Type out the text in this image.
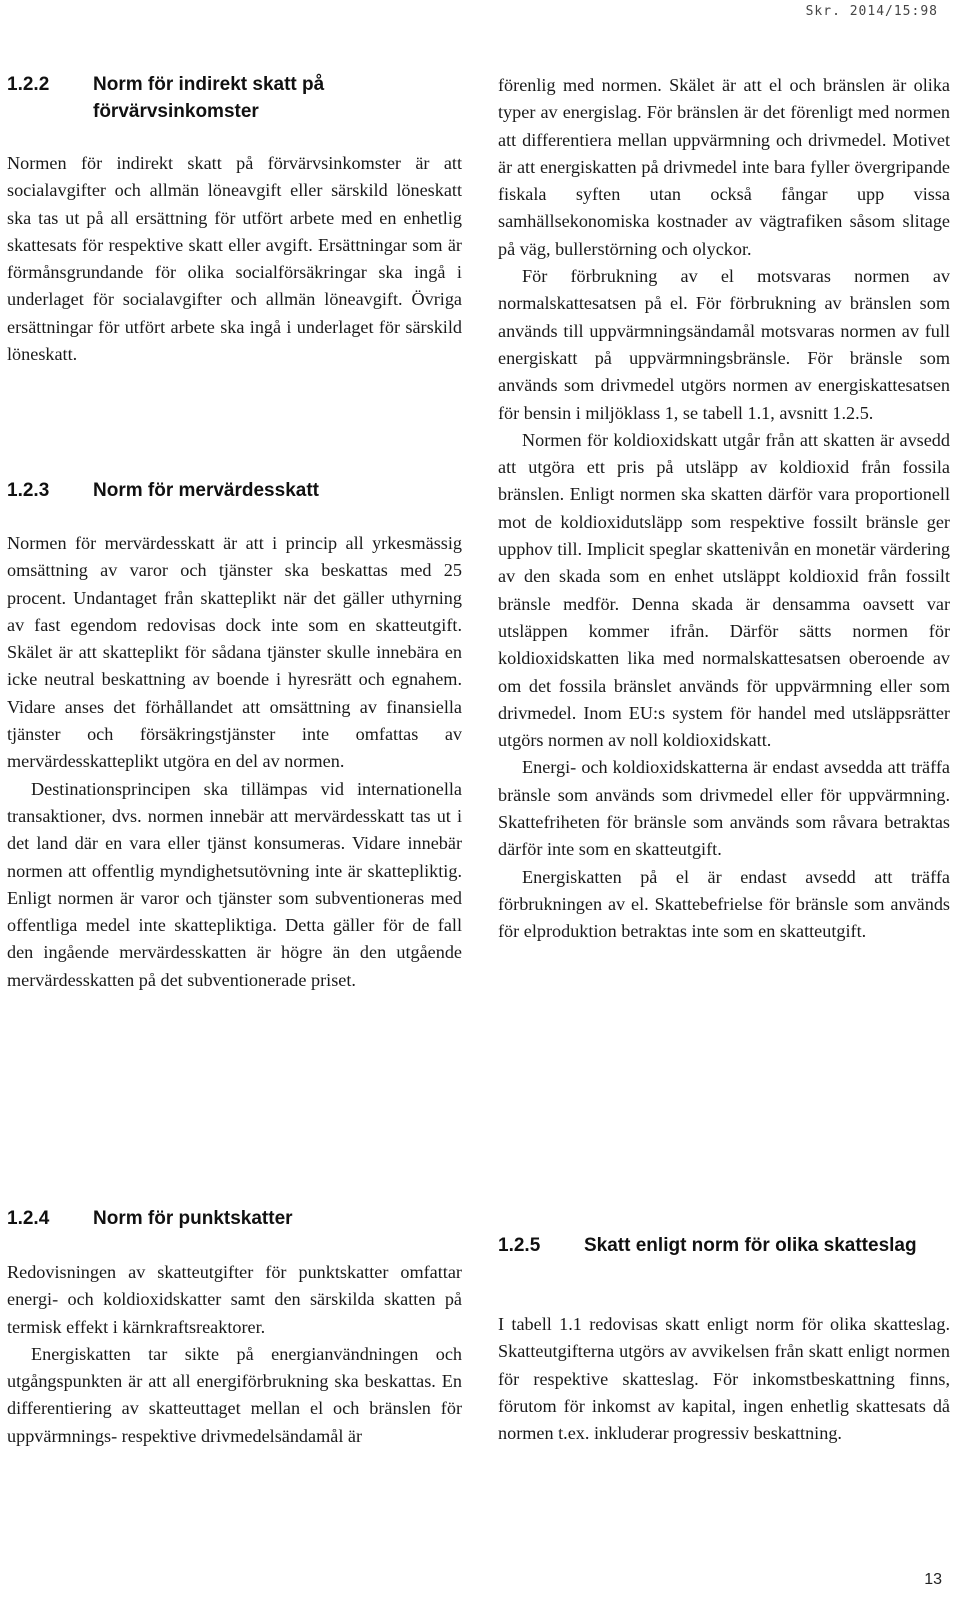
Skr. 2014/15:98
1.2.2	Norm för indirekt skatt på förvärvsinkomster

Normen för indirekt skatt på förvärvsinkomster är att socialavgifter och allmän löneavgift eller särskild löneskatt ska tas ut på all ersättning för utfört arbete med en enhetlig skattesats för respektive skatt eller avgift. Ersättningar som är förmånsgrundande för olika socialförsäkringar ska ingå i underlaget för socialavgifter och allmän löneavgift. Övriga ersättningar för utfört arbete ska ingå i underlaget för särskild löneskatt.

1.2.3	Norm för mervärdesskatt

Normen för mervärdesskatt är att i princip all yrkesmässig omsättning av varor och tjänster ska beskattas med 25 procent. Undantaget från skatteplikt när det gäller uthyrning av fast egendom redovisas dock inte som en skatteutgift. Skälet är att skatteplikt för sådana tjänster skulle innebära en icke neutral beskattning av boende i hyresrätt och egnahem. Vidare anses det förhållandet att omsättning av finansiella tjänster och försäkringstjänster inte omfattas av mervärdesskatteplikt utgöra en del av normen.

Destinationsprincipen ska tillämpas vid internationella transaktioner, dvs. normen innebär att mervärdesskatt tas ut i det land där en vara eller tjänst konsumeras. Vidare innebär normen att offentlig myndighetsutövning inte är skattepliktig. Enligt normen är varor och tjänster som subventioneras med offentliga medel inte skattepliktiga. Detta gäller för de fall den ingående mervärdesskatten är högre än den utgående mervärdesskatten på det subventionerade priset.

1.2.4	Norm för punktskatter

Redovisningen av skatteutgifter för punktskatter omfattar energi- och koldioxidskatter samt den särskilda skatten på termisk effekt i kärnkraftsreaktorer.

Energiskatten tar sikte på energianvändningen och utgångspunkten är att all energiförbrukning ska beskattas. En differentiering av skatteuttaget mellan el och bränslen för uppvärmnings- respektive drivmedelsändamål är

förenlig med normen. Skälet är att el och bränslen är olika typer av energislag. För bränslen är det förenligt med normen att differentiera mellan uppvärmning och drivmedel. Motivet är att energiskatten på drivmedel inte bara fyller övergripande fiskala syften utan också fångar upp vissa samhällsekonomiska kostnader av vägtrafiken såsom slitage på väg, bullerstörning och olyckor.

För förbrukning av el motsvaras normen av normalskattesatsen på el. För förbrukning av bränslen som används till uppvärmningsändamål motsvaras normen av full energiskatt på uppvärmningsbränsle. För bränsle som används som drivmedel utgörs normen av energiskattesatsen för bensin i miljöklass 1, se tabell 1.1, avsnitt 1.2.5.

Normen för koldioxidskatt utgår från att skatten är avsedd att utgöra ett pris på utsläpp av koldioxid från fossila bränslen. Enligt normen ska skatten därför vara proportionell mot de koldioxidutsläpp som respektive fossilt bränsle ger upphov till. Implicit speglar skattenivån en monetär värdering av den skada som en enhet utsläppt koldioxid från fossilt bränsle medför. Denna skada är densamma oavsett var utsläppen kommer ifrån. Därför sätts normen för koldioxidskatten lika med normalskattesatsen oberoende av om det fossila bränslet används för uppvärmning eller som drivmedel. Inom EU:s system för handel med utsläppsrätter utgörs normen av noll koldioxidskatt.

Energi- och koldioxidskatterna är endast avsedda att träffa bränsle som används som drivmedel eller för uppvärmning. Skattefriheten för bränsle som används som råvara betraktas därför inte som en skatteutgift.

Energiskatten på el är endast avsedd att träffa förbrukningen av el. Skattebefrielse för bränsle som används för elproduktion betraktas inte som en skatteutgift.

1.2.5	Skatt enligt norm för olika skatteslag

I tabell 1.1 redovisas skatt enligt norm för olika skatteslag. Skatteutgifterna utgörs av avvikelsen från skatt enligt normen för respektive skatteslag. För inkomstbeskattning finns, förutom för inkomst av kapital, ingen enhetlig skattesats då normen t.ex. inkluderar progressiv beskattning.

13
